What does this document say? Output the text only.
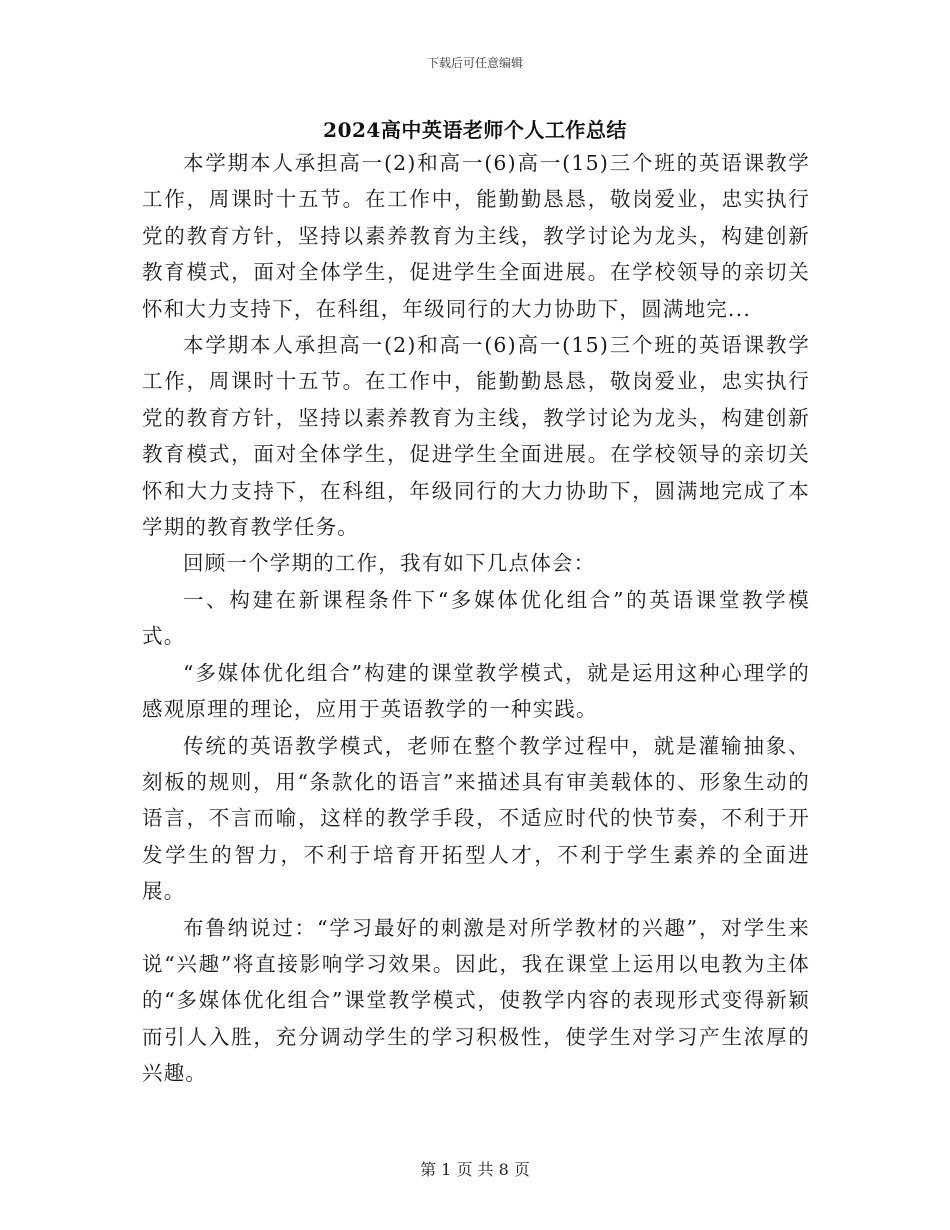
下载后可任意编辑
2024高中英语老师个人工作总结

本学期本人承担高一(2)和高一(6)高一(15)三个班的英语课教学工作，周课时十五节。在工作中，能勤勤恳恳，敬岗爱业，忠实执行党的教育方针，坚持以素养教育为主线，教学讨论为龙头，构建创新教育模式，面对全体学生，促进学生全面进展。在学校领导的亲切关怀和大力支持下，在科组，年级同行的大力协助下，圆满地完...

本学期本人承担高一(2)和高一(6)高一(15)三个班的英语课教学工作，周课时十五节。在工作中，能勤勤恳恳，敬岗爱业，忠实执行党的教育方针，坚持以素养教育为主线，教学讨论为龙头，构建创新教育模式，面对全体学生，促进学生全面进展。在学校领导的亲切关怀和大力支持下，在科组，年级同行的大力协助下，圆满地完成了本学期的教育教学任务。

回顾一个学期的工作，我有如下几点体会：

一、构建在新课程条件下“多媒体优化组合”的英语课堂教学模式。

“多媒体优化组合”构建的课堂教学模式，就是运用这种心理学的感观原理的理论，应用于英语教学的一种实践。

传统的英语教学模式，老师在整个教学过程中，就是灌输抽象、刻板的规则，用“条款化的语言”来描述具有审美载体的、形象生动的语言，不言而喻，这样的教学手段，不适应时代的快节奏，不利于开发学生的智力，不利于培育开拓型人才，不利于学生素养的全面进展。

布鲁纳说过：“学习最好的刺激是对所学教材的兴趣”，对学生来说“兴趣”将直接影响学习效果。因此，我在课堂上运用以电教为主体的“多媒体优化组合”课堂教学模式，使教学内容的表现形式变得新颖而引人入胜，充分调动学生的学习积极性，使学生对学习产生浓厚的兴趣。

第 1 页 共 8 页
